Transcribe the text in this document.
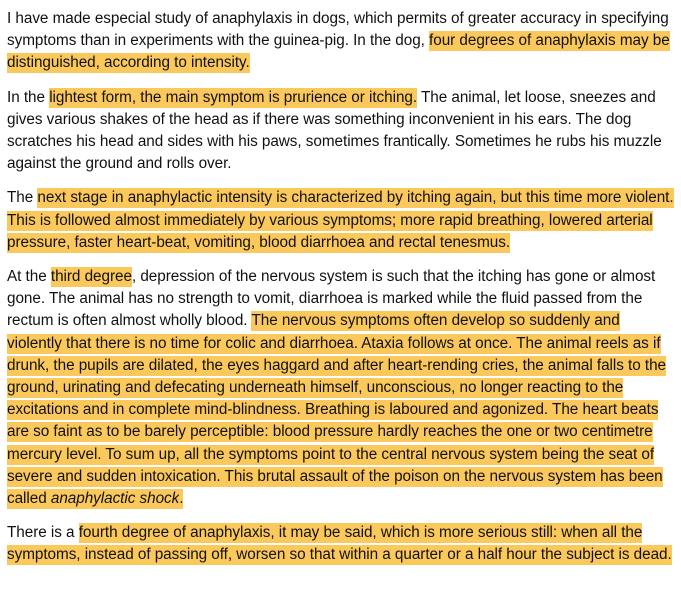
I have made especial study of anaphylaxis in dogs, which permits of greater accuracy in specifying symptoms than in experiments with the guinea-pig. In the dog, four degrees of anaphylaxis may be distinguished, according to intensity.

In the lightest form, the main symptom is prurience or itching. The animal, let loose, sneezes and gives various shakes of the head as if there was something inconvenient in his ears. The dog scratches his head and sides with his paws, sometimes frantically. Sometimes he rubs his muzzle against the ground and rolls over.

The next stage in anaphylactic intensity is characterized by itching again, but this time more violent. This is followed almost immediately by various symptoms; more rapid breathing, lowered arterial pressure, faster heart-beat, vomiting, blood diarrhoea and rectal tenesmus.

At the third degree, depression of the nervous system is such that the itching has gone or almost gone. The animal has no strength to vomit, diarrhoea is marked while the fluid passed from the rectum is often almost wholly blood. The nervous symptoms often develop so suddenly and violently that there is no time for colic and diarrhoea. Ataxia follows at once. The animal reels as if drunk, the pupils are dilated, the eyes haggard and after heart-rending cries, the animal falls to the ground, urinating and defecating underneath himself, unconscious, no longer reacting to the excitations and in complete mind-blindness. Breathing is laboured and agonized. The heart beats are so faint as to be barely perceptible: blood pressure hardly reaches the one or two centimetre mercury level. To sum up, all the symptoms point to the central nervous system being the seat of severe and sudden intoxication. This brutal assault of the poison on the nervous system has been called anaphylactic shock.

There is a fourth degree of anaphylaxis, it may be said, which is more serious still: when all the symptoms, instead of passing off, worsen so that within a quarter or a half hour the subject is dead.
